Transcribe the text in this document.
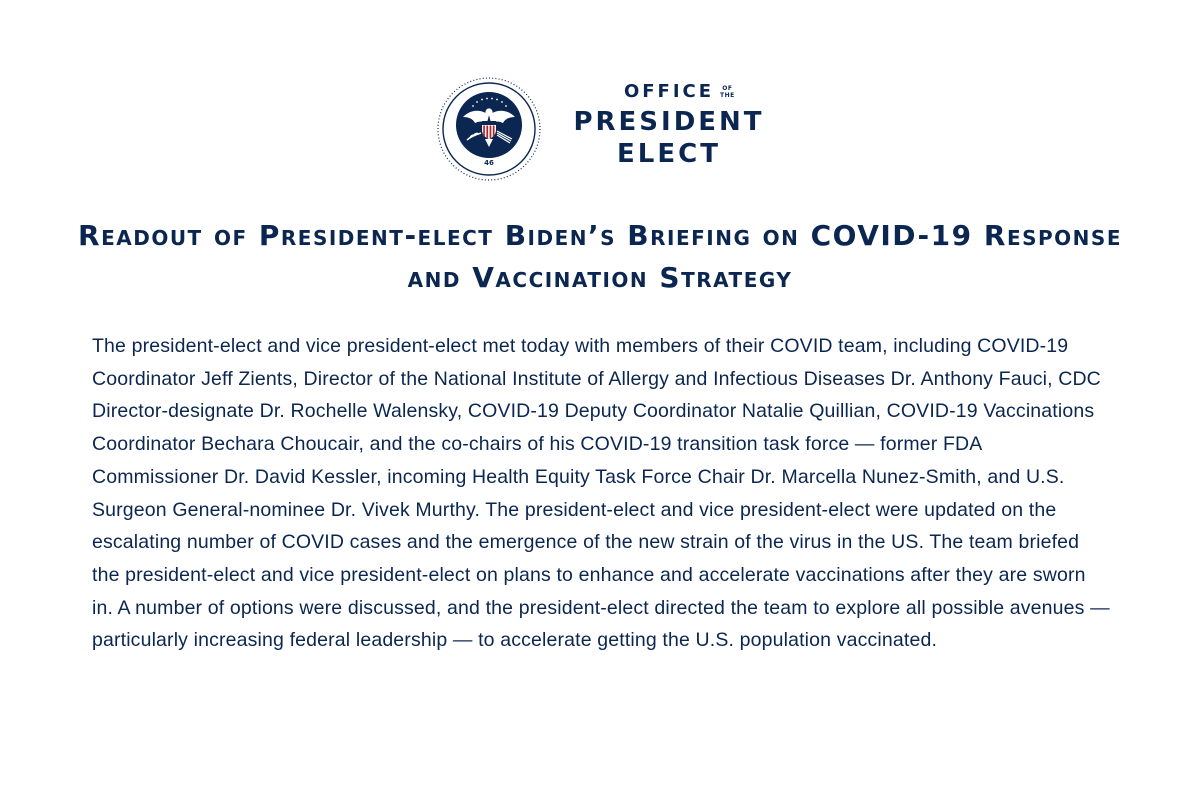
46
OFFICE	OF
THE
PRESIDENT
ELECT
Readout of President-elect Biden’s Briefing on COVID-19 Response and Vaccination Strategy

The president-elect and vice president-elect met today with members of their COVID team, including COVID-19 Coordinator Jeff Zients, Director of the National Institute of Allergy and Infectious Diseases Dr. Anthony Fauci, CDC Director-designate Dr. Rochelle Walensky, COVID-19 Deputy Coordinator Natalie Quillian, COVID-19 Vaccinations Coordinator Bechara Choucair, and the co-chairs of his COVID-19 transition task force — former FDA Commissioner Dr. David Kessler, incoming Health Equity Task Force Chair Dr. Marcella Nunez-Smith, and U.S. Surgeon General-nominee Dr. Vivek Murthy. The president-elect and vice president-elect were updated on the escalating number of COVID cases and the emergence of the new strain of the virus in the US. The team briefed the president-elect and vice president-elect on plans to enhance and accelerate vaccinations after they are sworn in. A number of options were discussed, and the president-elect directed the team to explore all possible avenues — particularly increasing federal leadership — to accelerate getting the U.S. population vaccinated.
